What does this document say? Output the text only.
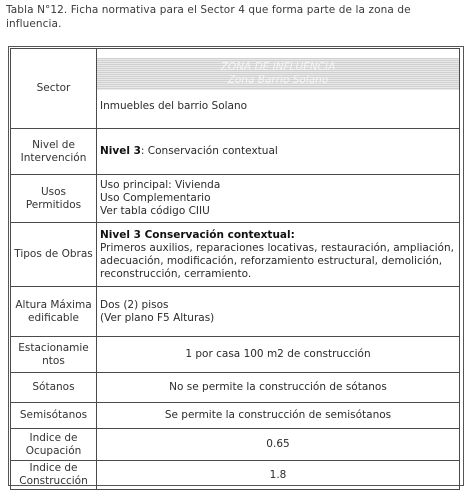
Tabla N°12. Ficha normativa para el Sector 4 que forma parte de la zona de
influencia.
Sector	ZONA DE INFLUENCIA
Zona Barrio Solano
Inmuebles del barrio Solano

Nivel de Intervención	Nivel 3: Conservación contextual
Usos Permitidos	Uso principal: Vivienda
Uso Complementario
Ver tabla código CIIU

Tipos de Obras	Nivel 3 Conservación contextual:
Primeros auxilios, reparaciones locativas, restauración, ampliación, adecuación, modificación, reforzamiento estructural, demolición, reconstrucción, cerramiento.
Altura Máxima edificable	Dos (2) pisos
(Ver plano F5 Alturas)

Estacionamie ntos	1 por casa 100 m2 de construcción
Sótanos	No se permite la construcción de sótanos
Semisótanos	Se permite la construcción de semisótanos
Indice de Ocupación	0.65
Indice de Construcción	1.8
